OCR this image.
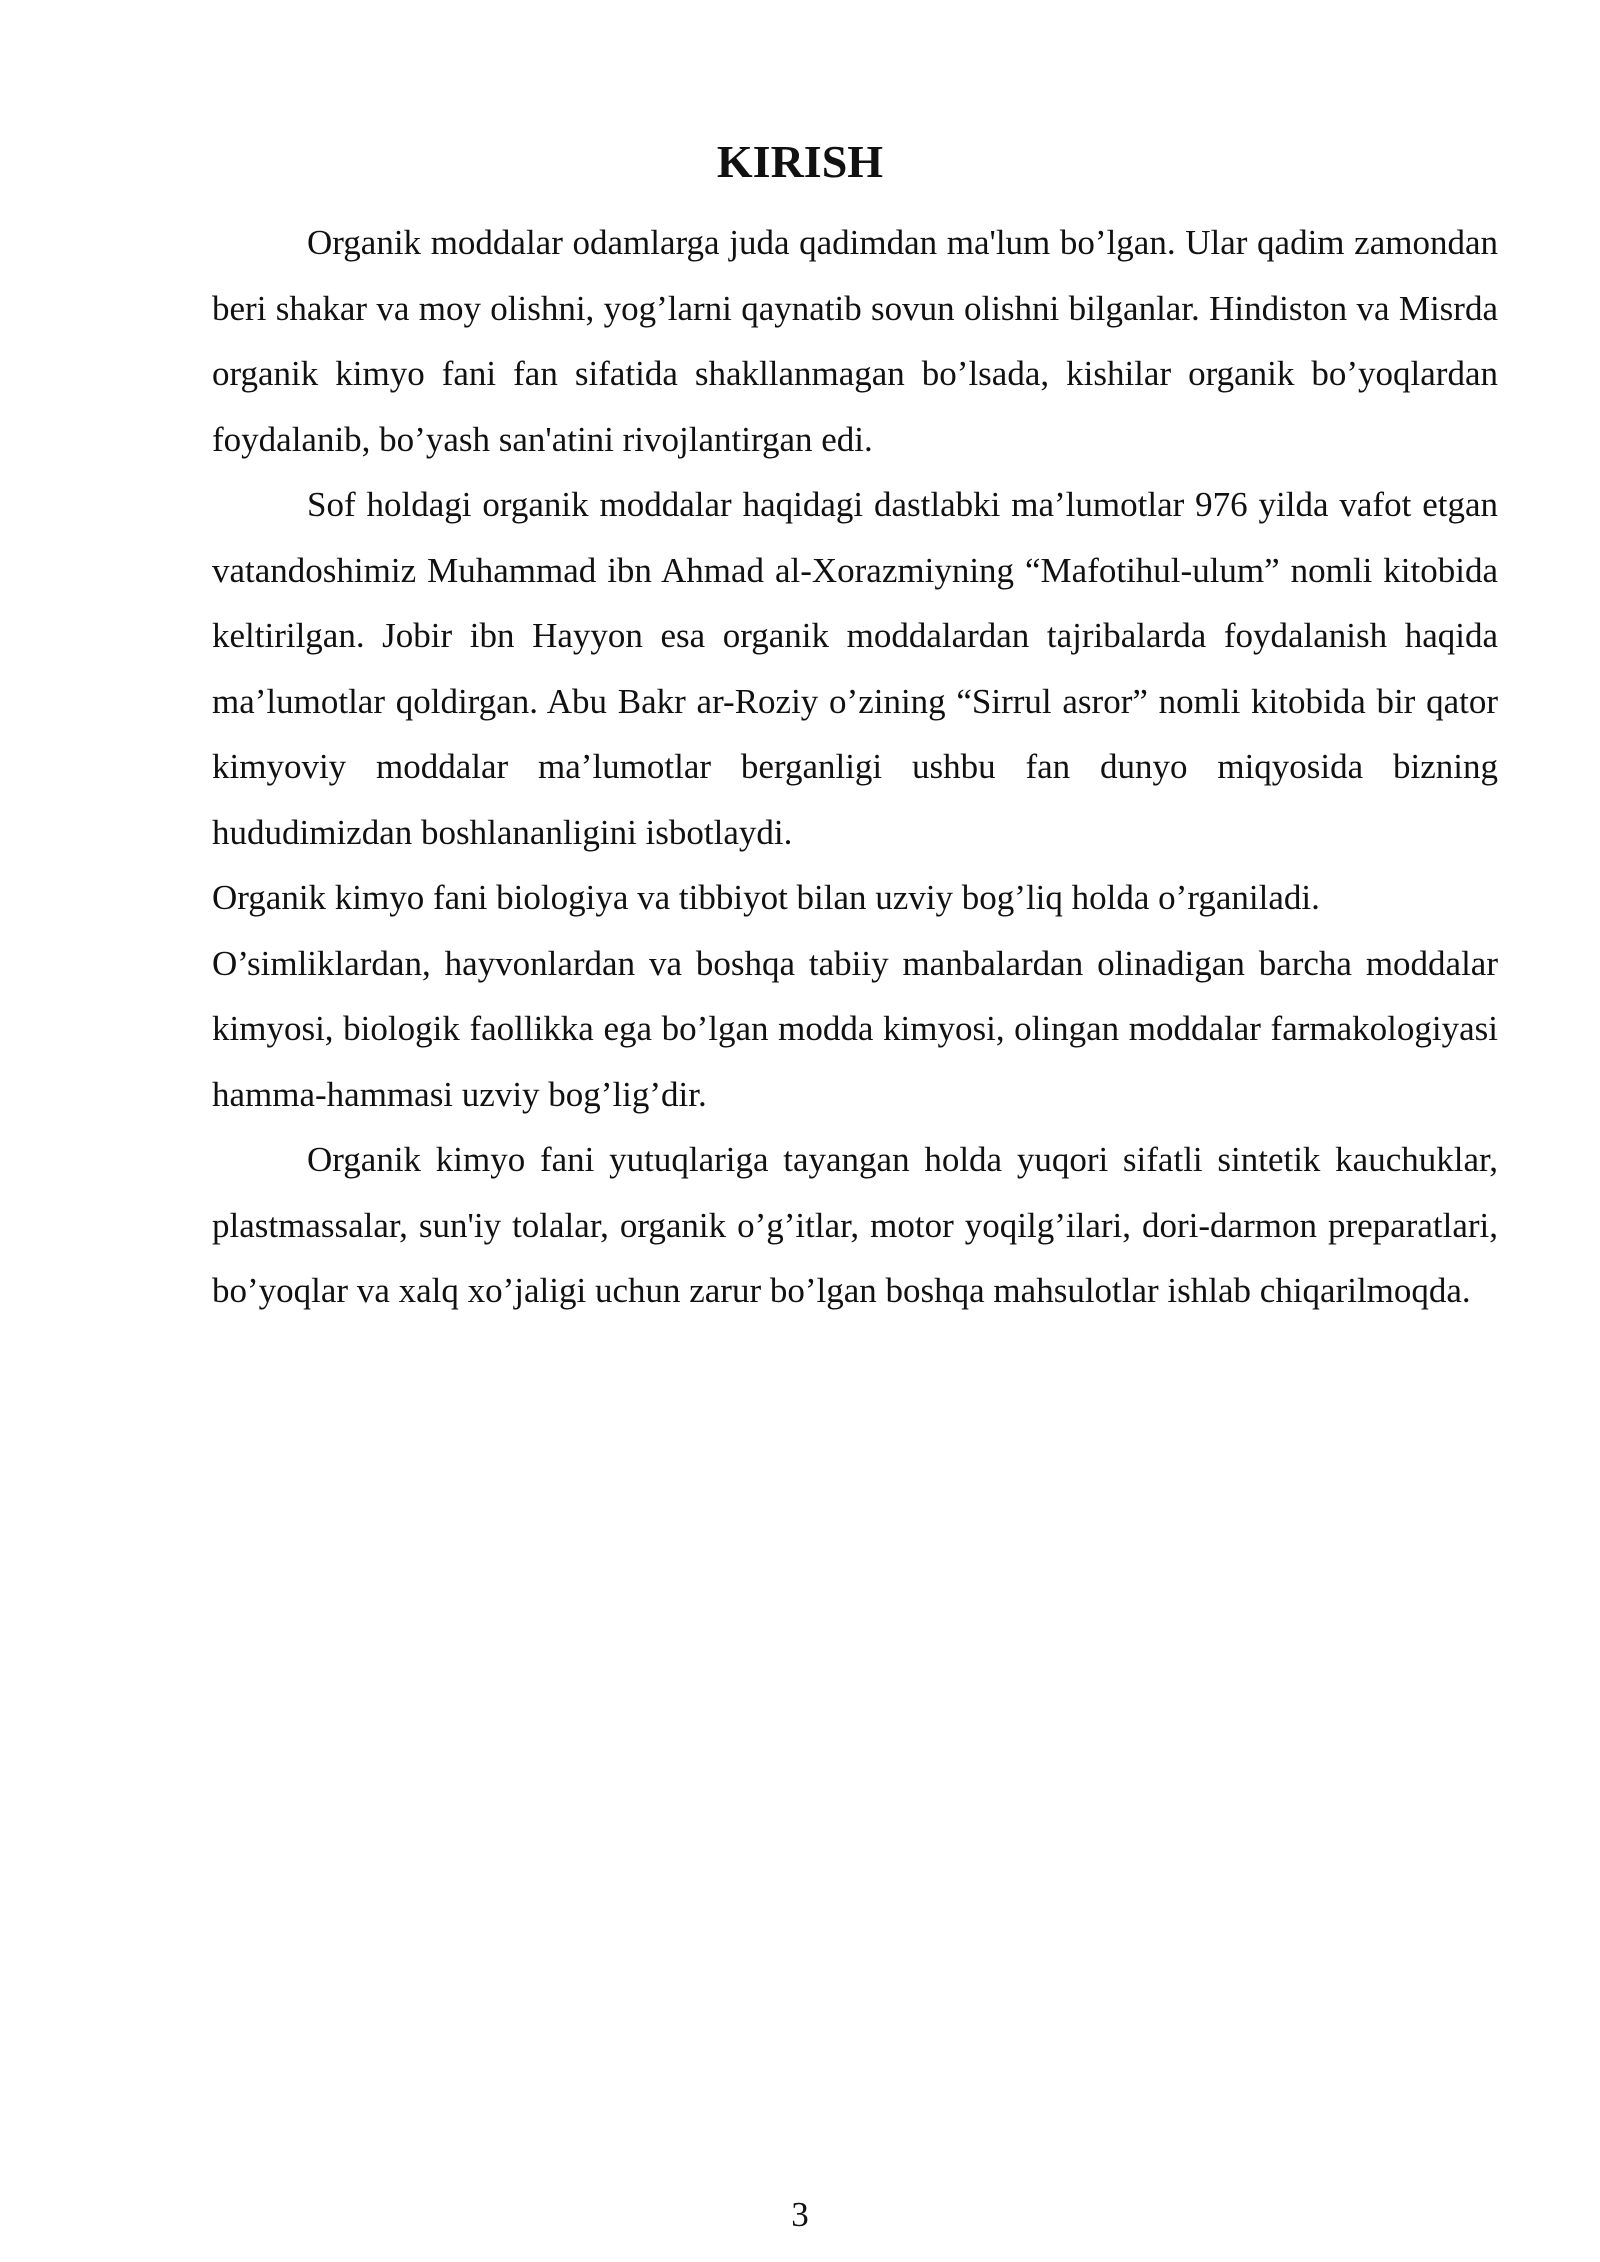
KIRISH

Organik moddalar odamlarga juda qadimdan ma'lum bo’lgan. Ular qadim zamondan beri shakar va moy olishni, yog’larni qaynatib sovun olishni bilganlar. Hindiston va Misrda organik kimyo fani fan sifatida shakllanmagan bo’lsada, kishilar organik bo’yoqlardan foydalanib, bo’yash san'atini rivojlantirgan edi.

Sof holdagi organik moddalar haqidagi dastlabki ma’lumotlar 976 yilda vafot etgan vatandoshimiz Muhammad ibn Ahmad al-Xorazmiyning “Mafotihul-ulum” nomli kitobida keltirilgan. Jobir ibn Hayyon esa organik moddalardan tajribalarda foydalanish haqida ma’lumotlar qoldirgan. Abu Bakr ar-Roziy o’zining “Sirrul asror” nomli kitobida bir qator kimyoviy moddalar ma’lumotlar berganligi ushbu fan dunyo miqyosida bizning hududimizdan boshlananligini isbotlaydi.

Organik kimyo fani biologiya va tibbiyot bilan uzviy bog’liq holda o’rganiladi.

O’simliklardan, hayvonlardan va boshqa tabiiy manbalardan olinadigan barcha moddalar kimyosi, biologik faollikka ega bo’lgan modda kimyosi, olingan moddalar farmakologiyasi hamma-hammasi uzviy bog’lig’dir.

Organik kimyo fani yutuqlariga tayangan holda yuqori sifatli sintetik kauchuklar, plastmassalar, sun'iy tolalar, organik o’g’itlar, motor yoqilg’ilari, dori-darmon preparatlari, bo’yoqlar va xalq xo’jaligi uchun zarur bo’lgan boshqa mahsulotlar ishlab chiqarilmoqda.

3
